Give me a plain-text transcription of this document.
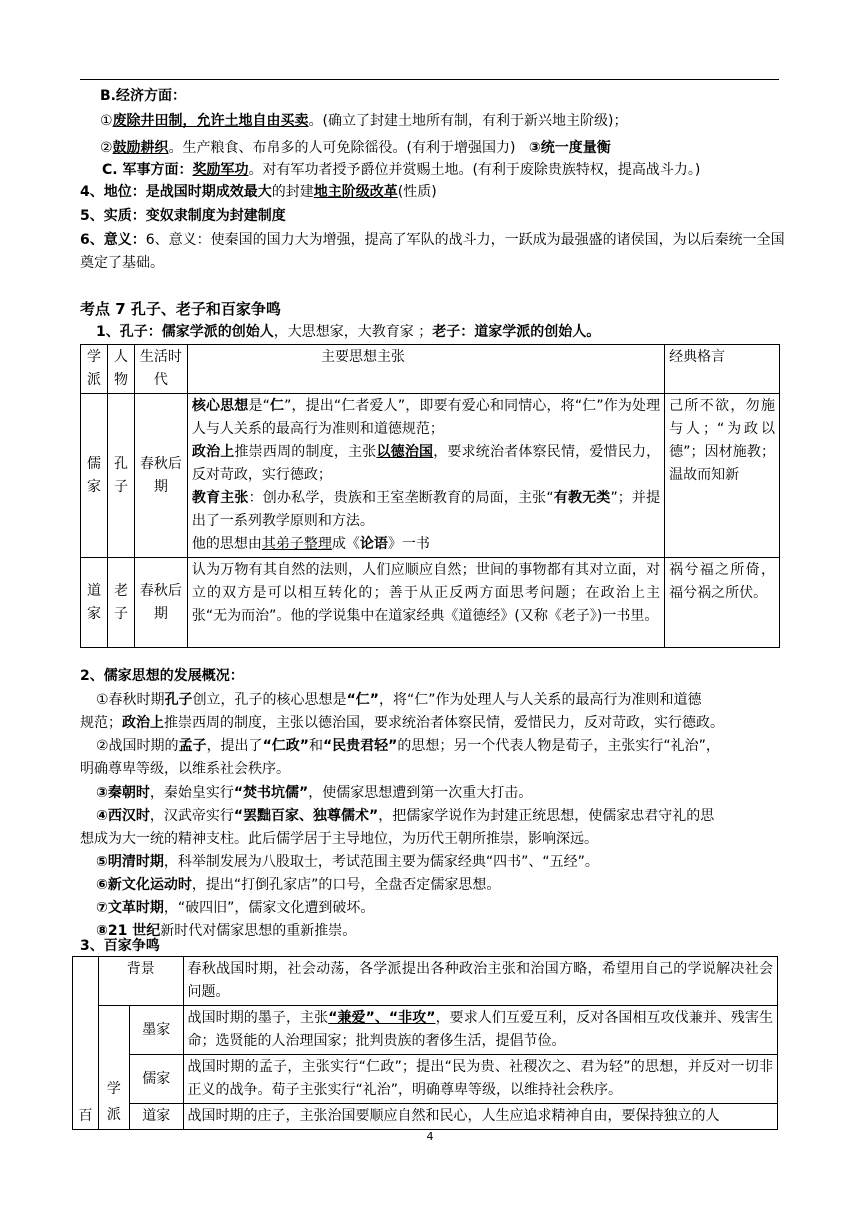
B.经济方面：
①废除井田制，允许土地自由买卖。(确立了封建土地所有制，有利于新兴地主阶级)；
②鼓励耕织。生产粮食、布帛多的人可免除徭役。(有利于增强国力) ③统一度量衡
C. 军事方面：奖励军功。对有军功者授予爵位并赏赐土地。(有利于废除贵族特权，提高战斗力。)
4、地位：是战国时期成效最大的封建地主阶级改革(性质)
5、实质：变奴隶制度为封建制度
6、意义：6、意义：使秦国的国力大为增强，提高了军队的战斗力，一跃成为最强盛的诸侯国，为以后秦统一全国
奠定了基础。
考点 7 孔子、老子和百家争鸣
1、孔子：儒家学派的创始人，大思想家，大教育家 ；老子：道家学派的创始人。
学派	人物	生活时代	主要思想主张	经典格言
儒家	孔子	春秋后期	核心思想是“仁”，提出“仁者爱人”，即要有爱心和同情心，将“仁”作为处理人与人关系的最高行为准则和道德规范；
政治上推崇西周的制度，主张以德治国，要求统治者体察民情，爱惜民力，反对苛政，实行德政；
教育主张：创办私学，贵族和王室垄断教育的局面，主张“有教无类”；并提出了一系列教学原则和方法。
他的思想由其弟子整理成《论语》一书	己所不欲，勿施与人；“为政以德”；因材施教；温故而知新
道家	老子	春秋后期	认为万物有其自然的法则，人们应顺应自然；世间的事物都有其对立面，对立的双方是可以相互转化的；善于从正反两方面思考问题；在政治上主张“无为而治”。他的学说集中在道家经典《道德经》(又称《老子》)一书里。	祸兮福之所倚，福兮祸之所伏。
2、儒家思想的发展概况：
①春秋时期孔子创立，孔子的核心思想是“仁”，将“仁”作为处理人与人关系的最高行为准则和道德
规范；政治上推崇西周的制度，主张以德治国，要求统治者体察民情，爱惜民力，反对苛政，实行德政。
②战国时期的孟子，提出了“仁政”和“民贵君轻”的思想；另一个代表人物是荀子，主张实行“礼治”，
明确尊卑等级，以维系社会秩序。
③秦朝时，秦始皇实行“焚书坑儒”，使儒家思想遭到第一次重大打击。
④西汉时，汉武帝实行“罢黜百家、独尊儒术”，把儒家学说作为封建正统思想，使儒家忠君守礼的思
想成为大一统的精神支柱。此后儒学居于主导地位，为历代王朝所推崇，影响深远。
⑤明清时期，科举制发展为八股取士，考试范围主要为儒家经典“四书”、“五经”。
⑥新文化运动时，提出“打倒孔家店”的口号，全盘否定儒家思想。
⑦文革时期，“破四旧”，儒家文化遭到破坏。
⑧21 世纪新时代对儒家思想的重新推崇。
3、百家争鸣
百	背景		春秋战国时期，社会动荡，各学派提出各种政治主张和治国方略，希望用自己的学说解决社会问题。
	学派	墨家	战国时期的墨子，主张“兼爱”、“非攻”，要求人们互爱互利，反对各国相互攻伐兼并、残害生命；选贤能的人治理国家；批判贵族的奢侈生活，提倡节俭。
		儒家	战国时期的孟子，主张实行“仁政”；提出“民为贵、社稷次之、君为轻”的思想，并反对一切非正义的战争。荀子主张实行“礼治”，明确尊卑等级，以维持社会秩序。
		道家	战国时期的庄子，主张治国要顺应自然和民心，人生应追求精神自由，要保持独立的人
4
